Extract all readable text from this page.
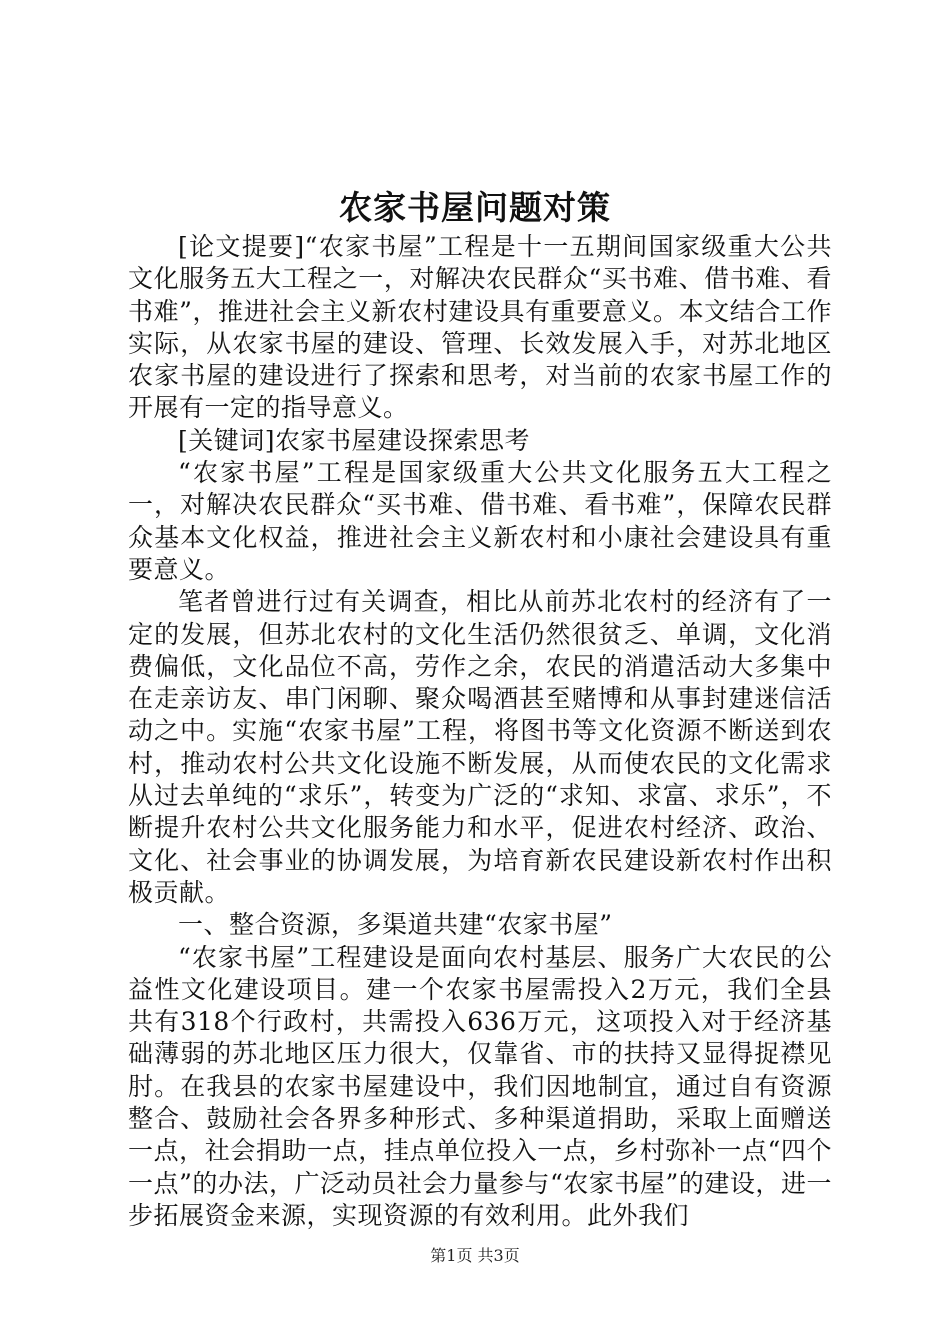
农家书屋问题对策

[论文提要]“农家书屋”工程是十一五期间国家级重大公共文化服务五大工程之一，对解决农民群众“买书难、借书难、看书难”，推进社会主义新农村建设具有重要意义。本文结合工作实际，从农家书屋的建设、管理、长效发展入手，对苏北地区农家书屋的建设进行了探索和思考，对当前的农家书屋工作的开展有一定的指导意义。

[关键词]农家书屋建设探索思考

“农家书屋”工程是国家级重大公共文化服务五大工程之一，对解决农民群众“买书难、借书难、看书难”，保障农民群众基本文化权益，推进社会主义新农村和小康社会建设具有重要意义。

笔者曾进行过有关调查，相比从前苏北农村的经济有了一定的发展，但苏北农村的文化生活仍然很贫乏、单调，文化消费偏低，文化品位不高，劳作之余，农民的消遣活动大多集中在走亲访友、串门闲聊、聚众喝酒甚至赌博和从事封建迷信活动之中。实施“农家书屋”工程，将图书等文化资源不断送到农村，推动农村公共文化设施不断发展，从而使农民的文化需求从过去单纯的“求乐”，转变为广泛的“求知、求富、求乐”，不断提升农村公共文化服务能力和水平，促进农村经济、政治、文化、社会事业的协调发展，为培育新农民建设新农村作出积极贡献。

一、整合资源，多渠道共建“农家书屋”

“农家书屋”工程建设是面向农村基层、服务广大农民的公益性文化建设项目。建一个农家书屋需投入2万元，我们全县共有318个行政村，共需投入636万元，这项投入对于经济基础薄弱的苏北地区压力很大，仅靠省、市的扶持又显得捉襟见肘。在我县的农家书屋建设中，我们因地制宜，通过自有资源整合、鼓励社会各界多种形式、多种渠道捐助，采取上面赠送一点，社会捐助一点，挂点单位投入一点，乡村弥补一点“四个一点”的办法，广泛动员社会力量参与“农家书屋”的建设，进一步拓展资金来源，实现资源的有效利用。此外我们

第1页 共3页
